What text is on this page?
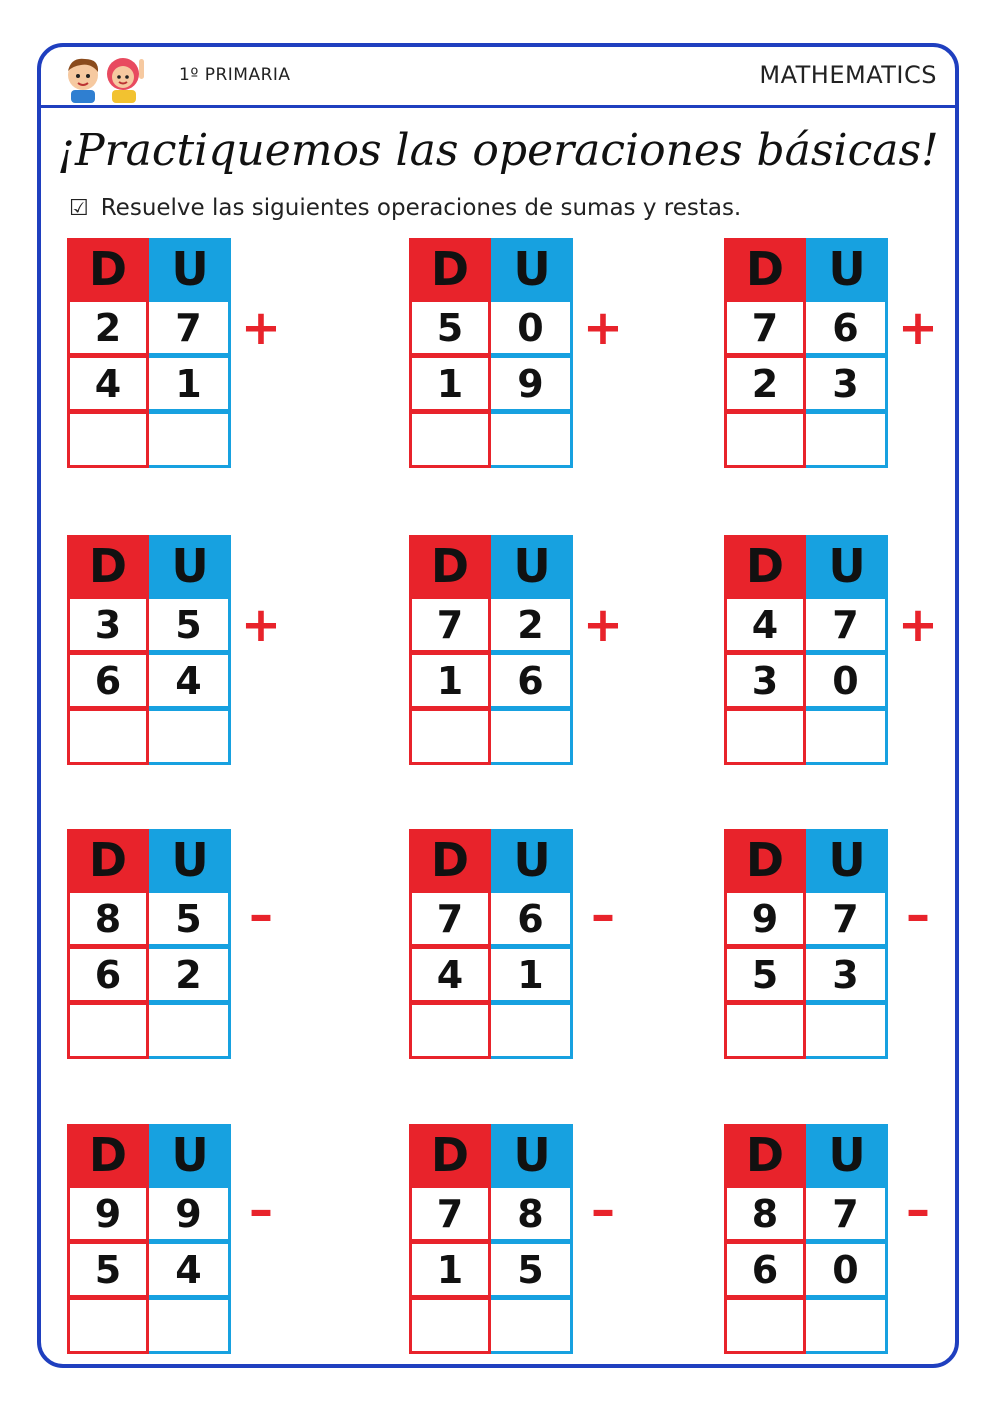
1º PRIMARIA	MATHEMATICS
¡Practiquemos las operaciones básicas!
☑ Resuelve las siguientes operaciones de sumas y restas.
D U
2	7
4	1
+
D U
5	0
1	9
+
D U
7	6
2	3
+
D U
3	5
6	4
+
D U
7	2
1	6
+
D U
4	7
3	0
+
D U
8	5
6	2
–
D U
7	6
4	1
–
D U
9	7
5	3
–
D U
9	9
5	4
–
D U
7	8
1	5
–
D U
8	7
6	0
–
